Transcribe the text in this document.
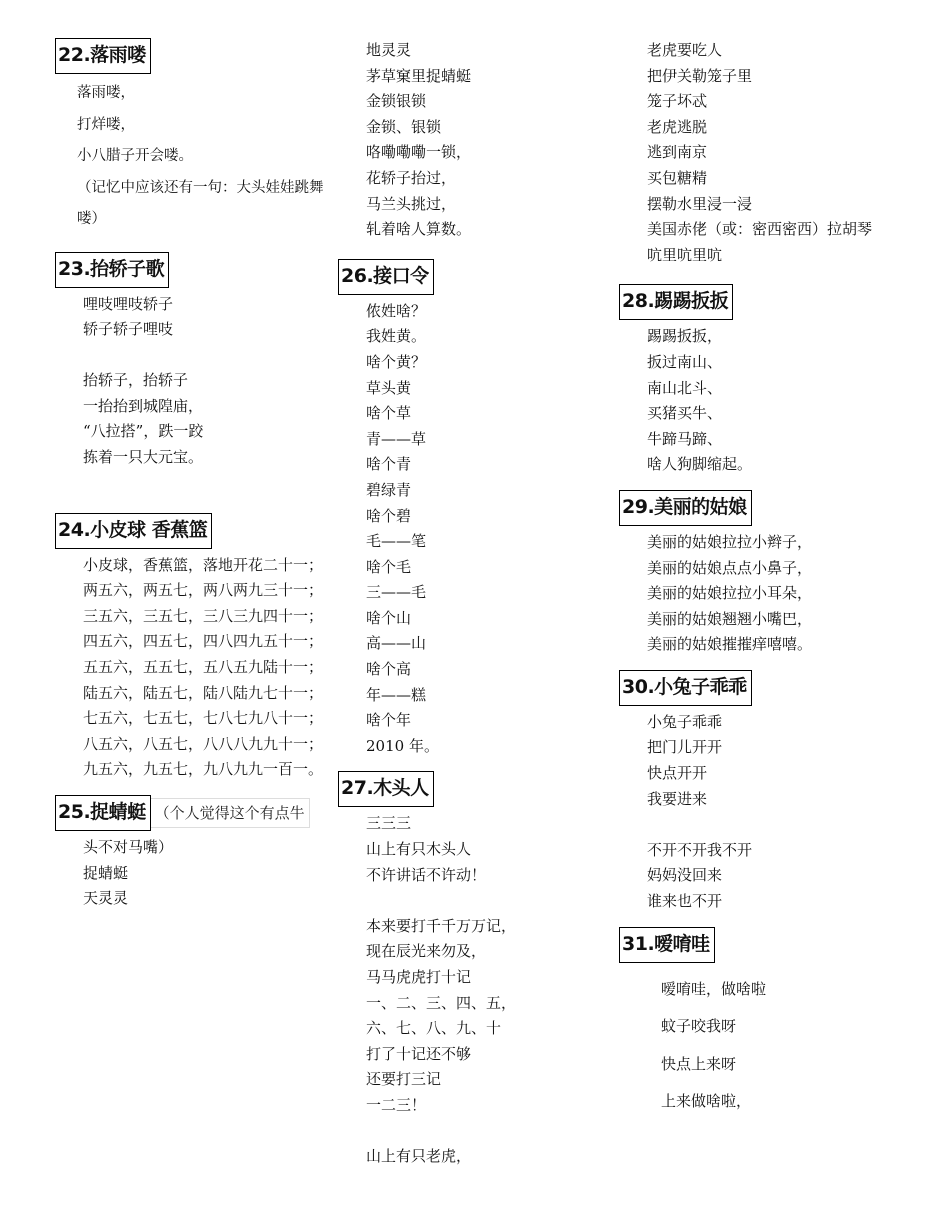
22.落雨喽
落雨喽，
打烊喽，
小八腊子开会喽。
（记忆中应该还有一句：大头娃娃跳舞喽）
23.抬轿子歌
哩吱哩吱轿子
轿子轿子哩吱
抬轿子，抬轿子
一抬抬到城隍庙，
“八拉搭”，跌一跤
拣着一只大元宝。
24.小皮球 香蕉篮
小皮球，香蕉篮，落地开花二十一；
两五六，两五七，两八两九三十一；
三五六，三五七，三八三九四十一；
四五六，四五七，四八四九五十一；
五五六，五五七，五八五九陆十一；
陆五六，陆五七，陆八陆九七十一；
七五六，七五七，七八七九八十一；
八五六，八五七，八八八九九十一；
九五六，九五七，九八九九一百一。
25.捉蜻蜓 （个人觉得这个有点牛
头不对马嘴）
捉蜻蜓
天灵灵
地灵灵
茅草窠里捉蜻蜓
金锁银锁
金锁、银锁
咯嘞嘞嘞一锁，
花轿子抬过，
马兰头挑过，
轧着啥人算数。
26.接口令
侬姓啥？
我姓黄。
啥个黄？
草头黄
啥个草
青——草
啥个青
碧绿青
啥个碧
毛——笔
啥个毛
三——毛
啥个山
高——山
啥个高
年——糕
啥个年
2010 年。
27.木头人
三三三
山上有只木头人
不许讲话不许动！
本来要打千千万万记，
现在辰光来勿及，
马马虎虎打十记
一、二、三、四、五，
六、七、八、九、十
打了十记还不够
还要打三记
一二三！
山上有只老虎，
老虎要吃人
把伊关勒笼子里
笼子坏忒
老虎逃脱
逃到南京
买包糖精
摆勒水里浸一浸
美国赤佬（或：密西密西）拉胡琴
吭里吭里吭
28.踢踢扳扳
踢踢扳扳，
扳过南山、
南山北斗、
买猪买牛、
牛蹄马蹄、
啥人狗脚缩起。
29.美丽的姑娘
美丽的姑娘拉拉小辫子，
美丽的姑娘点点小鼻子，
美丽的姑娘拉拉小耳朵，
美丽的姑娘翘翘小嘴巴，
美丽的姑娘摧摧痒嘻嘻。
30.小兔子乖乖
小兔子乖乖
把门儿开开
快点开开
我要进来
不开不开我不开
妈妈没回来
谁来也不开
31.嗳唷哇
嗳唷哇，做啥啦
蚊子咬我呀
快点上来呀
上来做啥啦，
